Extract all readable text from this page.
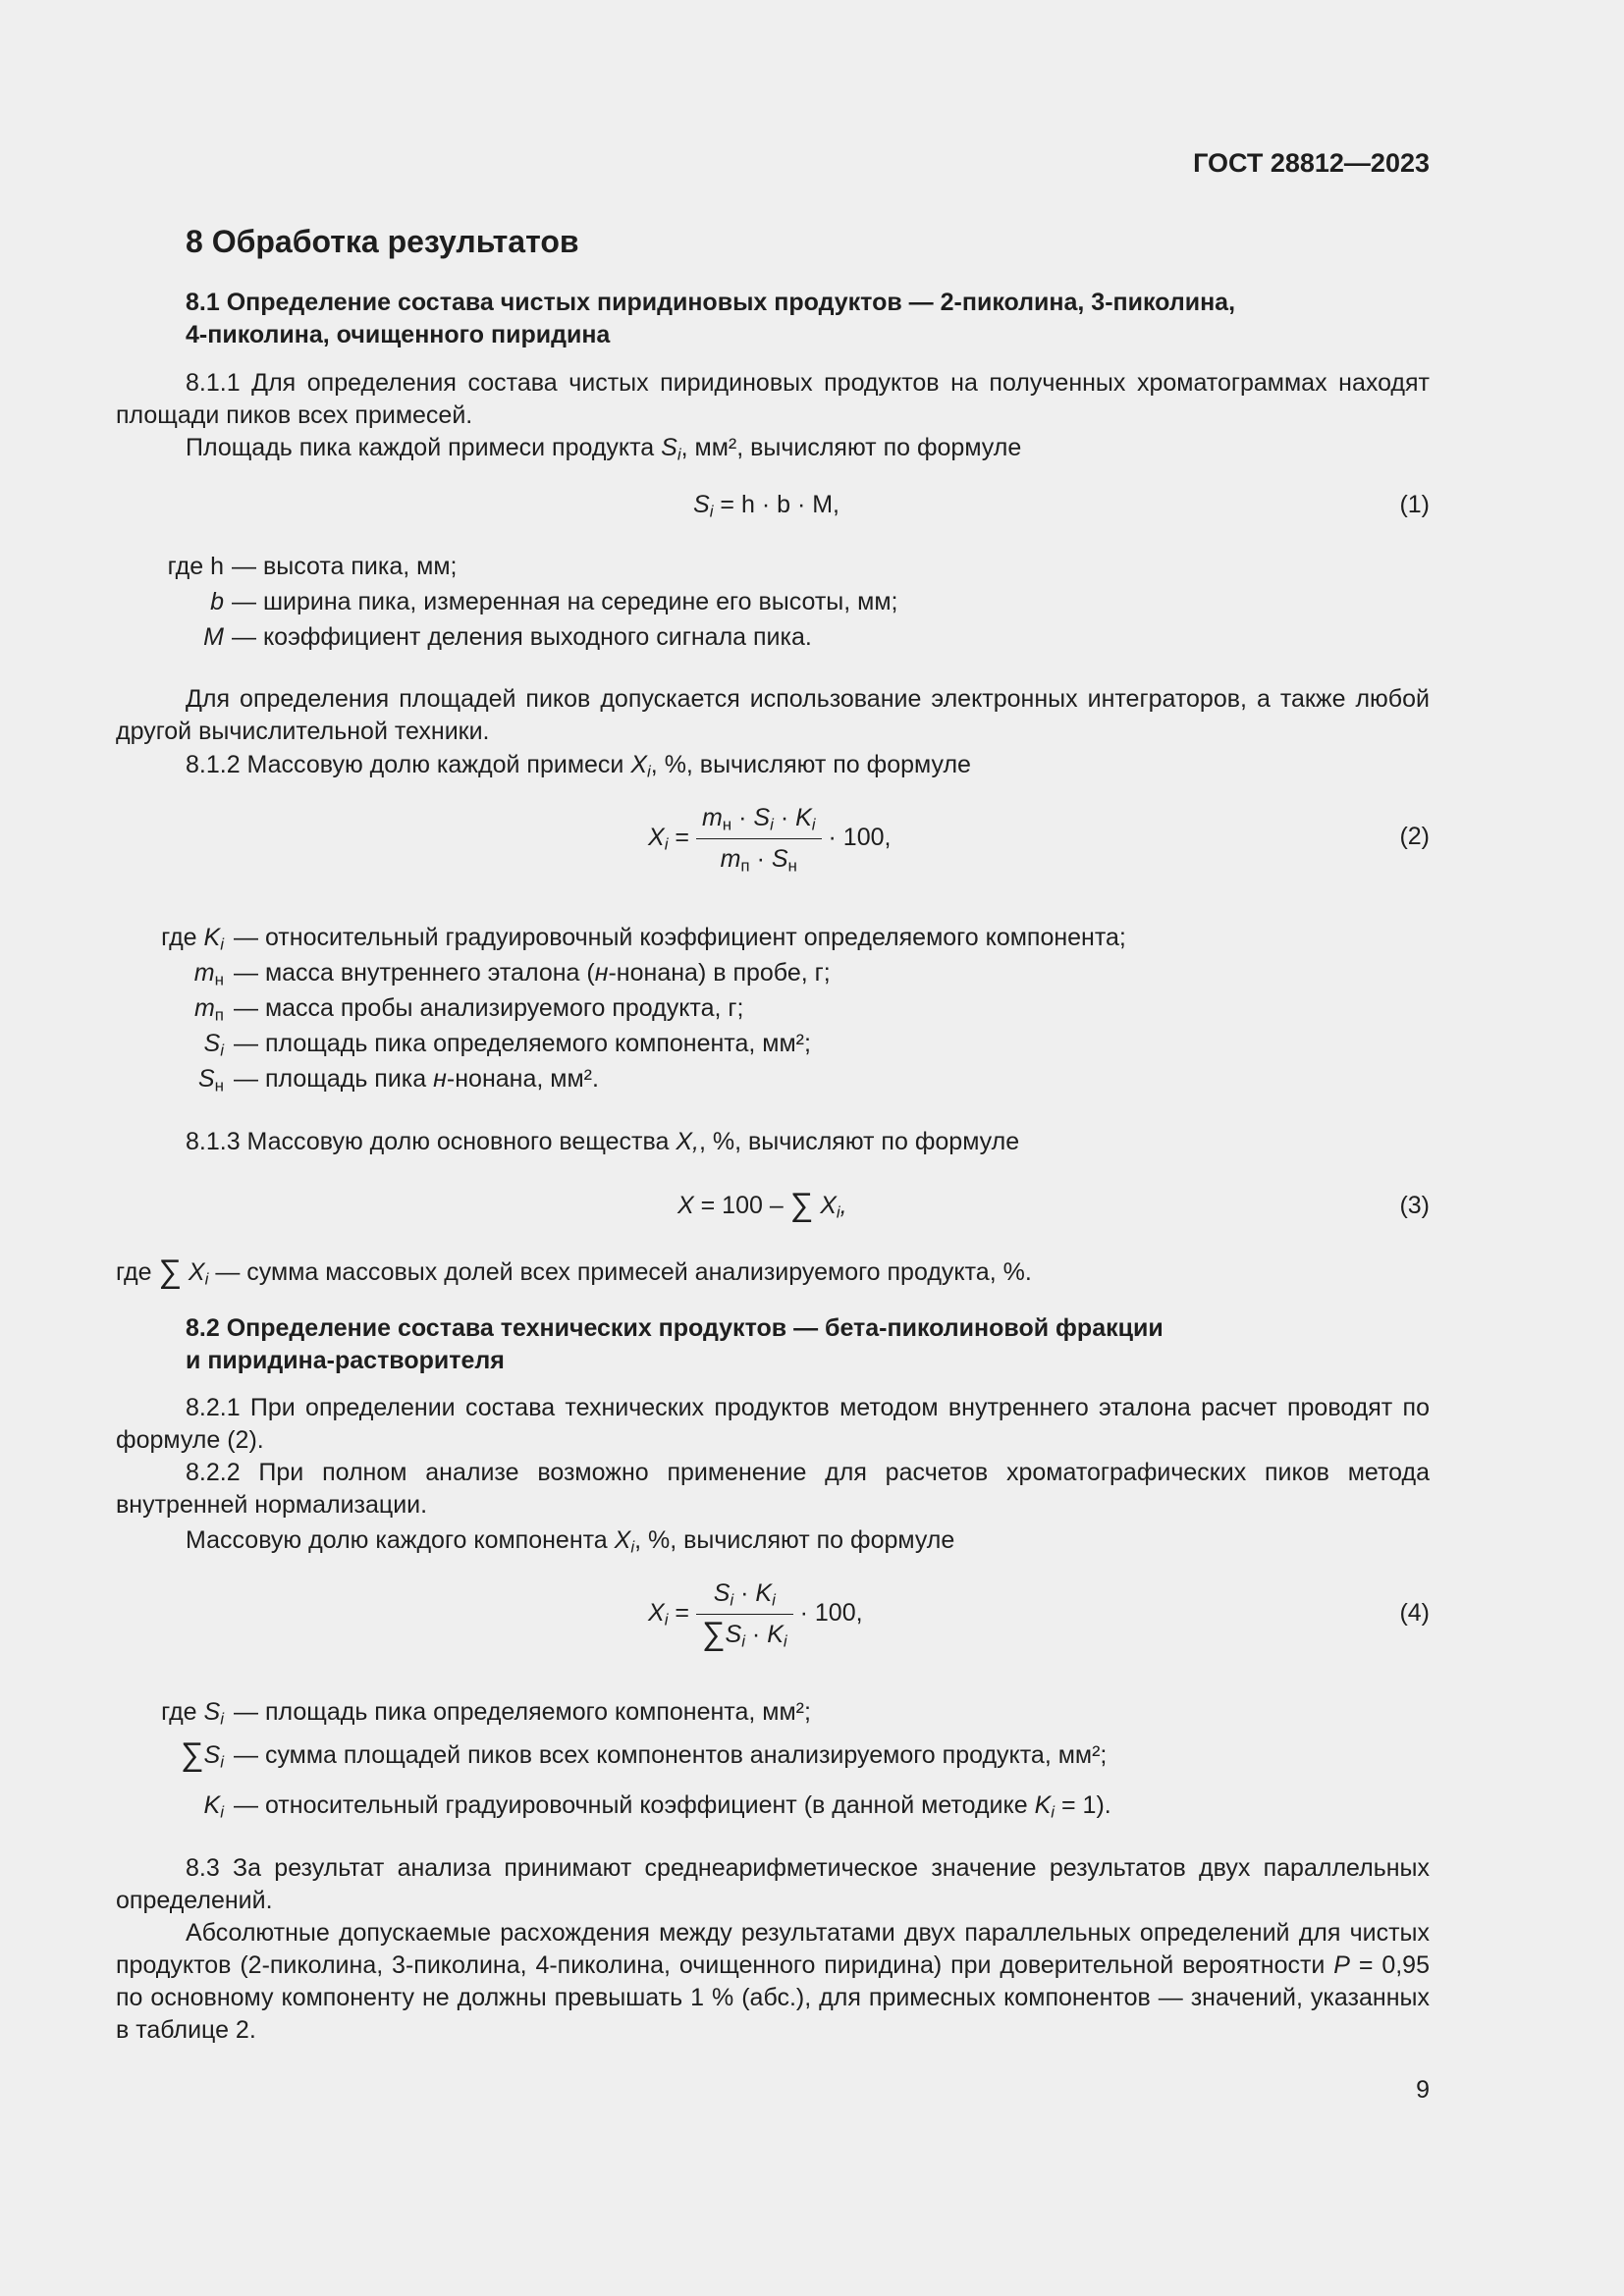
ГОСТ 28812—2023
8 Обработка результатов
8.1 Определение состава чистых пиридиновых продуктов — 2-пиколина, 3-пиколина,
4-пиколина, очищенного пиридина

8.1.1 Для определения состава чистых пиридиновых продуктов на полученных хроматограммах находят площади пиков всех примесей.

Площадь пика каждой примеси продукта $S_i$, мм², вычисляют по формуле
$S_i = h \cdot b \cdot M$,	(1)
где h — высота пика, мм;
b — ширина пика, измеренная на середине его высоты, мм;
M — коэффициент деления выходного сигнала пика.

Для определения площадей пиков допускается использование электронных интеграторов, а также любой другой вычислительной техники.

8.1.2 Массовую долю каждой примеси $X_i$, %, вычисляют по формуле
$X_i$ =
$m_н \cdot S_i \cdot K_i$
$m_п \cdot S_н$
· 100,	(2)
где $K_i$ — относительный градуировочный коэффициент определяемого компонента;
$m_н$ — масса внутреннего эталона (н-нонана) в пробе, г;
$m_п$ — масса пробы анализируемого продукта, г;
$S_i$ — площадь пика определяемого компонента, мм²;
$S_н$ — площадь пика н-нонана, мм².
8.1.3 Массовую долю основного вещества X,, %, вычисляют по формуле
X = 100 – ∑ $X_i$,	(3)
где ∑ $X_i$ — сумма массовых долей всех примесей анализируемого продукта, %.
8.2 Определение состава технических продуктов — бета-пиколиновой фракции
и пиридина-растворителя

8.2.1 При определении состава технических продуктов методом внутреннего эталона расчет проводят по формуле (2).

8.2.2 При полном анализе возможно применение для расчетов хроматографических пиков метода внутренней нормализации.

Массовую долю каждого компонента $X_i$, %, вычисляют по формуле
$X_i = \frac{S_i \cdot K_i}{\sum S_i \cdot K_i} \cdot 100$,	(4)
где $S_i$ — площадь пика определяемого компонента, мм²;
$\sum S_i$ — сумма площадей пиков всех компонентов анализируемого продукта, мм²;
$K_i$ — относительный градуировочный коэффициент (в данной методике $K_i = 1$).

8.3 За результат анализа принимают среднеарифметическое значение результатов двух параллельных определений.

Абсолютные допускаемые расхождения между результатами двух параллельных определений для чистых продуктов (2-пиколина, 3-пиколина, 4-пиколина, очищенного пиридина) при доверительной вероятности P = 0,95 по основному компоненту не должны превышать 1 % (абс.), для примесных компонентов — значений, указанных в таблице 2.

9
